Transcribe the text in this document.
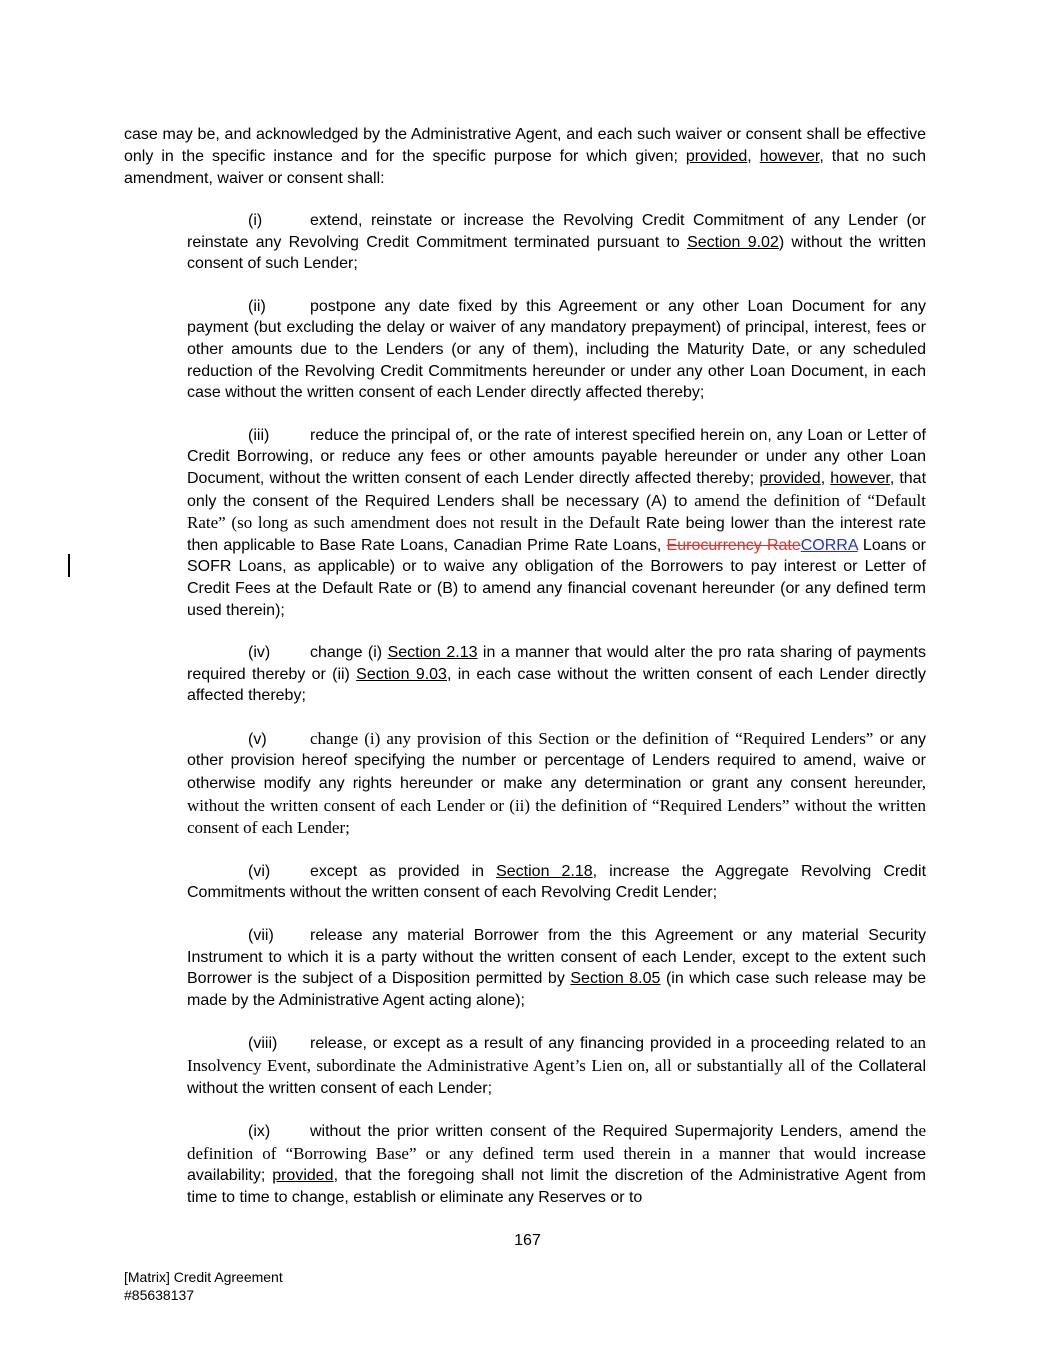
case may be, and acknowledged by the Administrative Agent, and each such waiver or consent shall be effective only in the specific instance and for the specific purpose for which given; provided, however, that no such amendment, waiver or consent shall:

(i)	extend, reinstate or increase the Revolving Credit Commitment of any Lender (or reinstate any Revolving Credit Commitment terminated pursuant to Section 9.02) without the written consent of such Lender;

(ii)	postpone any date fixed by this Agreement or any other Loan Document for any payment (but excluding the delay or waiver of any mandatory prepayment) of principal, interest, fees or other amounts due to the Lenders (or any of them), including the Maturity Date, or any scheduled reduction of the Revolving Credit Commitments hereunder or under any other Loan Document, in each case without the written consent of each Lender directly affected thereby;

(iii)	reduce the principal of, or the rate of interest specified herein on, any Loan or Letter of Credit Borrowing, or reduce any fees or other amounts payable hereunder or under any other Loan Document, without the written consent of each Lender directly affected thereby; provided, however, that only the consent of the Required Lenders shall be necessary (A) to amend the definition of “Default Rate” (so long as such amendment does not result in the Default Rate being lower than the interest rate then applicable to Base Rate Loans, Canadian Prime Rate Loans, Eurocurrency RateCORRA Loans or SOFR Loans, as applicable) or to waive any obligation of the Borrowers to pay interest or Letter of Credit Fees at the Default Rate or (B) to amend any financial covenant hereunder (or any defined term used therein);

(iv) change (i) Section 2.13 in a manner that would alter the pro rata sharing of payments required thereby or (ii) Section 9.03, in each case without the written consent of each Lender directly affected thereby;

(v)	change (i) any provision of this Section or the definition of “Required Lenders” or any other provision hereof specifying the number or percentage of Lenders required to amend, waive or otherwise modify any rights hereunder or make any determination or grant any consent hereunder, without the written consent of each Lender or (ii) the definition of “Required Lenders” without the written consent of each Lender;

(vi) except as provided in Section 2.18, increase the Aggregate Revolving Credit Commitments without the written consent of each Revolving Credit Lender;

(vii) release any material Borrower from the this Agreement or any material Security Instrument to which it is a party without the written consent of each Lender, except to the extent such Borrower is the subject of a Disposition permitted by Section 8.05 (in which case such release may be made by the Administrative Agent acting alone);

(viii) release, or except as a result of any financing provided in a proceeding related to an Insolvency Event, subordinate the Administrative Agent’s Lien on, all or substantially all of the Collateral without the written consent of each Lender;

(ix) without the prior written consent of the Required Supermajority Lenders, amend the definition of “Borrowing Base” or any defined term used therein in a manner that would increase availability; provided, that the foregoing shall not limit the discretion of the Administrative Agent from time to time to change, establish or eliminate any Reserves or to

167
[Matrix] Credit Agreement
#85638137
